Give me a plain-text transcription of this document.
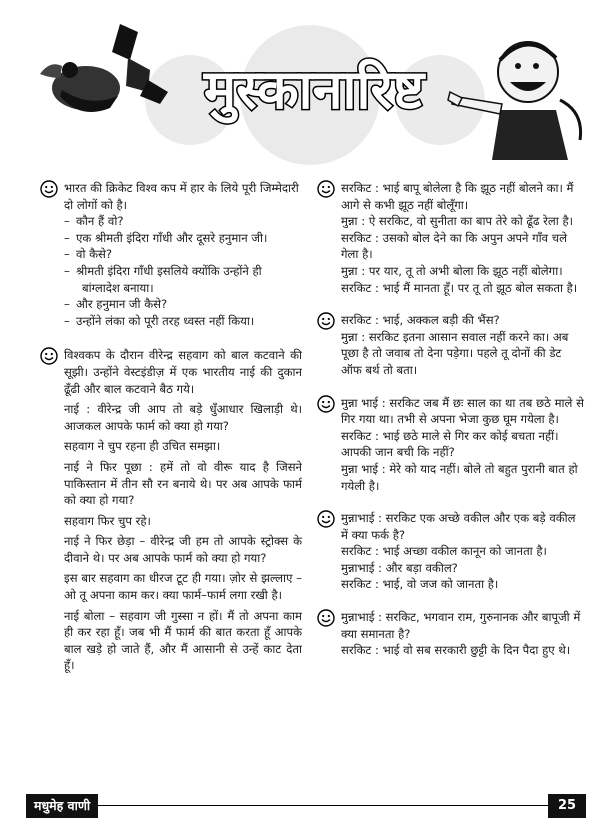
मुस्कानारिष्ट

भारत की क्रिकेट विश्व कप में हार के लिये पूरी जिम्मेदारी दो लोगों को है।

– कौन हैं वो?

– एक श्रीमती इंदिरा गाँधी और दूसरे हनुमान जी।

– वो कैसे?

– श्रीमती इंदिरा गाँधी इसलिये क्योंकि उन्होंने ही बांग्लादेश बनाया।

– और हनुमान जी कैसे?

– उन्होंने लंका को पूरी तरह ध्वस्त नहीं किया।

विश्वकप के दौरान वीरेन्द्र सहवाग को बाल कटवाने की सूझी। उन्होंने वेस्टइंडीज़ में एक भारतीय नाई की दुकान ढूँढी और बाल कटवाने बैठ गये।

नाई : वीरेन्द्र जी आप तो बड़े धुँआधार खिलाड़ी थे। आजकल आपके फार्म को क्या हो गया?

सहवाग ने चुप रहना ही उचित समझा।

नाई ने फिर पूछा : हमें तो वो वीरू याद है जिसने पाकिस्तान में तीन सौ रन बनाये थे। पर अब आपके फार्म को क्या हो गया?

सहवाग फिर चुप रहे।

नाई ने फिर छेड़ा – वीरेन्द्र जी हम तो आपके स्ट्रोक्स के दीवाने थे। पर अब आपके फार्म को क्या हो गया?

इस बार सहवाग का धीरज टूट ही गया। ज़ोर से झल्लाए – ओ तू अपना काम कर। क्या फार्म–फार्म लगा रखी है।

नाई बोला – सहवाग जी गुस्सा न हों। मैं तो अपना काम ही कर रहा हूँ। जब भी मैं फार्म की बात करता हूँ आपके बाल खड़े हो जाते हैं, और मैं आसानी से उन्हें काट देता हूँ।

सरकिट : भाई बापू बोलेला है कि झूठ नहीं बोलने का। मैं आगे से कभी झूठ नहीं बोलूँगा।

मुन्ना : ऐ सरकिट, वो सुनीता का बाप तेरे को ढूँढ रेला है।

सरकिट : उसको बोल देने का कि अपुन अपने गाँव चले गेला है।

मुन्ना : पर यार, तू तो अभी बोला कि झूठ नहीं बोलेगा।

सरकिट : भाई मैं मानता हूँ। पर तू तो झूठ बोल सकता है।

सरकिट : भाई, अक्कल बड़ी की भैंस?

मुन्ना : सरकिट इतना आसान सवाल नहीं करने का। अब पूछा है तो जवाब तो देना पड़ेगा। पहले तू दोनों की डेट ऑफ बर्थ तो बता।

मुन्ना भाई : सरकिट जब मैं छः साल का था तब छठे माले से गिर गया था। तभी से अपना भेजा कुछ घूम गयेला है।

सरकिट : भाई छठे माले से गिर कर कोई बचता नहीं। आपकी जान बची कि नहीं?

मुन्ना भाई : मेरे को याद नहीं। बोले तो बहुत पुरानी बात हो गयेली है।

मुन्नाभाई : सरकिट एक अच्छे वकील और एक बड़े वकील में क्या फर्क है?

सरकिट : भाई अच्छा वकील कानून को जानता है।

मुन्नाभाई : और बड़ा वकील?

सरकिट : भाई, वो जज को जानता है।

मुन्नाभाई : सरकिट, भगवान राम, गुरुनानक और बापूजी में क्या समानता है?

सरकिट : भाई वो सब सरकारी छुट्टी के दिन पैदा हुए थे।

मधुमेह वाणी	25
